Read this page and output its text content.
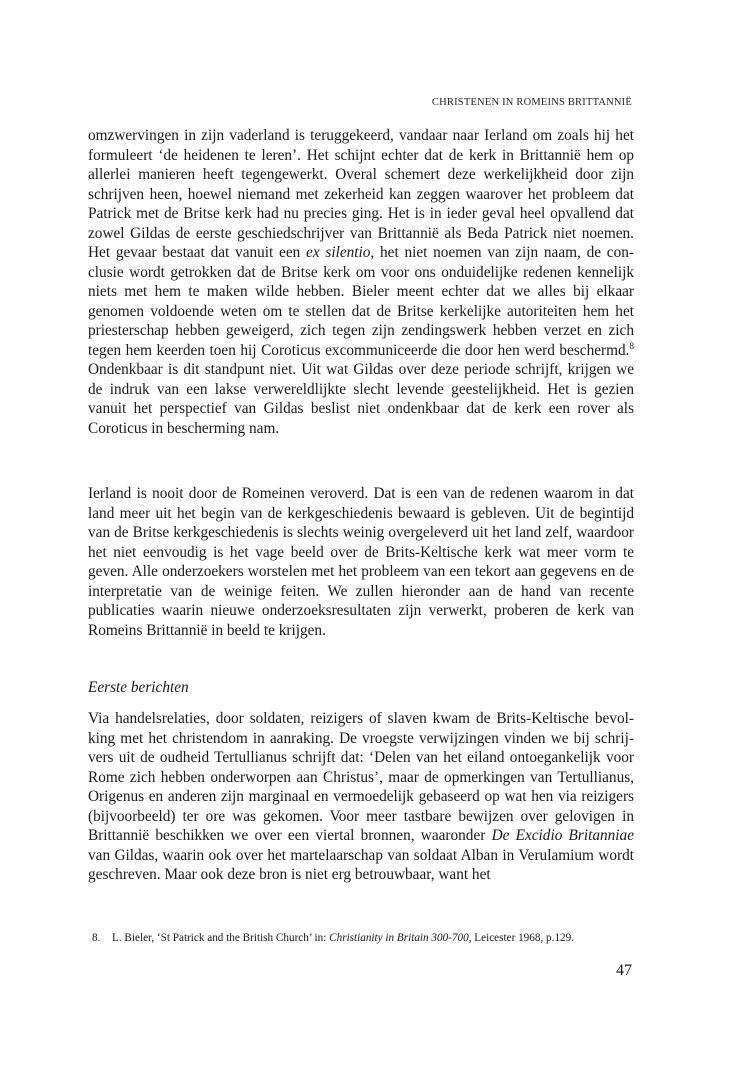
CHRISTENEN IN ROMEINS BRITTANNIË

omzwervingen in zijn vaderland is teruggekeerd, vandaar naar Ierland om zoals hij het formuleert ‘de heidenen te leren’. Het schijnt echter dat de kerk in Brittannië hem op allerlei manieren heeft tegengewerkt. Overal schemert deze werkelijkheid door zijn schrijven heen, hoewel niemand met zekerheid kan zeggen waarover het probleem dat Patrick met de Britse kerk had nu precies ging. Het is in ieder geval heel opvallend dat zowel Gildas de eerste geschiedschrijver van Brittannië als Beda Patrick niet noemen. Het gevaar bestaat dat vanuit een ex silentio, het niet noemen van zijn naam, de conclusie wordt getrokken dat de Britse kerk om voor ons onduidelijke redenen kennelijk niets met hem te maken wilde hebben. Bieler meent echter dat we alles bij elkaar genomen voldoende weten om te stellen dat de Britse kerkelijke autoriteiten hem het priesterschap hebben geweigerd, zich tegen zijn zendingswerk hebben verzet en zich tegen hem keerden toen hij Coroticus excommuniceerde die door hen werd beschermd.$^8$ Ondenkbaar is dit standpunt niet. Uit wat Gildas over deze periode schrijft, krijgen we de indruk van een lakse verwereldlijkte slecht levende geestelijkheid. Het is gezien vanuit het perspectief van Gildas beslist niet ondenkbaar dat de kerk een rover als Coroticus in bescherming nam.

Ierland is nooit door de Romeinen veroverd. Dat is een van de redenen waarom in dat land meer uit het begin van de kerkgeschiedenis bewaard is gebleven. Uit de begintijd van de Britse kerkgeschiedenis is slechts weinig overgeleverd uit het land zelf, waardoor het niet eenvoudig is het vage beeld over de Brits-Keltische kerk wat meer vorm te geven. Alle onderzoekers worstelen met het probleem van een tekort aan gegevens en de interpretatie van de weinige feiten. We zullen hieronder aan de hand van recente publicaties waarin nieuwe onderzoeksresultaten zijn verwerkt, proberen de kerk van Romeins Brittannië in beeld te krijgen.

Eerste berichten

Via handelsrelaties, door soldaten, reizigers of slaven kwam de Brits-Keltische bevolking met het christendom in aanraking. De vroegste verwijzingen vinden we bij schrijvers uit de oudheid Tertullianus schrijft dat: ‘Delen van het eiland ontoegankelijk voor Rome zich hebben onderworpen aan Christus’, maar de opmerkingen van Tertullianus, Origenus en anderen zijn marginaal en vermoedelijk gebaseerd op wat hen via reizigers (bijvoorbeeld) ter ore was gekomen. Voor meer tastbare bewijzen over gelovigen in Brittannië beschikken we over een viertal bronnen, waaronder De Excidio Britanniae van Gildas, waarin ook over het martelaarschap van soldaat Alban in Verulamium wordt geschreven. Maar ook deze bron is niet erg betrouwbaar, want het

8. L. Bieler, ‘St Patrick and the British Church’ in: Christianity in Britain 300-700, Leicester 1968, p.129.

47
